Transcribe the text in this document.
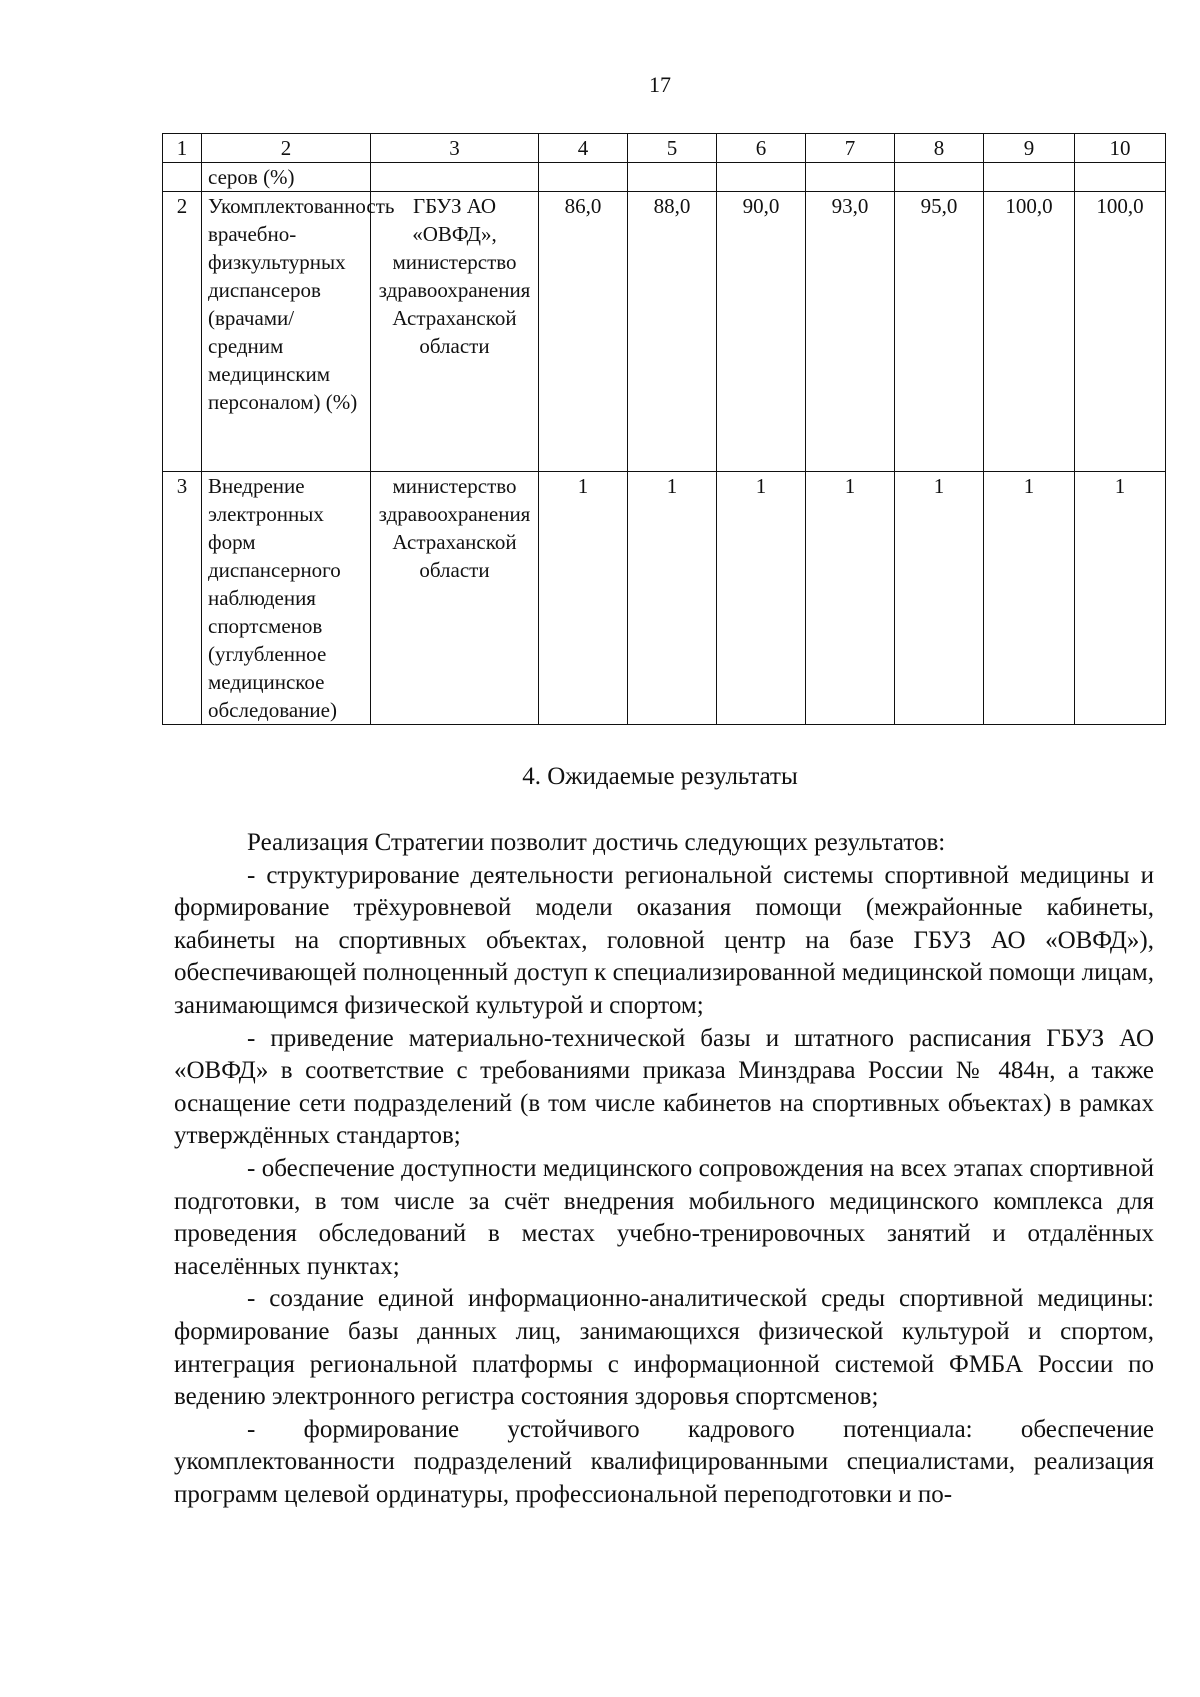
17
1	2	3	4	5	6	7	8	9	10
	серов (%)								
2	Укомплектованность врачебно-физкультурных диспансеров (врачами/средним медицинским персоналом) (%)	ГБУЗ АО «ОВФД», министерство здравоохранения Астраханской области	86,0	88,0	90,0	93,0	95,0	100,0	100,0
3	Внедрение электронных форм диспансерного наблюдения спортсменов (углубленное медицинское обследование)	министерство здравоохранения Астраханской области	1	1	1	1	1	1	1
4. Ожидаемые результаты

Реализация Стратегии позволит достичь следующих результатов:

- структурирование деятельности региональной системы спортивной медицины и формирование трёхуровневой модели оказания помощи (межрайонные кабинеты, кабинеты на спортивных объектах, головной центр на базе ГБУЗ АО «ОВФД»), обеспечивающей полноценный доступ к специализированной медицинской помощи лицам, занимающимся физической культурой и спортом;

- приведение материально-технической базы и штатного расписания ГБУЗ АО «ОВФД» в соответствие с требованиями приказа Минздрава России № 484н, а также оснащение сети подразделений (в том числе кабинетов на спортивных объектах) в рамках утверждённых стандартов;

- обеспечение доступности медицинского сопровождения на всех этапах спортивной подготовки, в том числе за счёт внедрения мобильного медицинского комплекса для проведения обследований в местах учебно-тренировочных занятий и отдалённых населённых пунктах;

- создание единой информационно-аналитической среды спортивной медицины: формирование базы данных лиц, занимающихся физической культурой и спортом, интеграция региональной платформы с информационной системой ФМБА России по ведению электронного регистра состояния здоровья спортсменов;

- формирование устойчивого кадрового потенциала: обеспечение укомплектованности подразделений квалифицированными специалистами, реализация программ целевой ординатуры, профессиональной переподготовки и по-
